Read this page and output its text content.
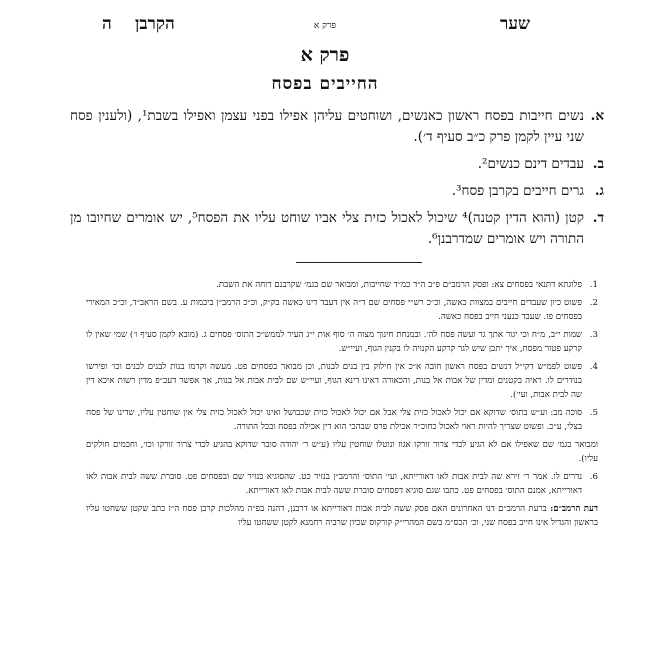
שער
פרק א
הקרבן
ה
פרק א
החייבים בפסח
א.
נשים חייבות בפסח ראשון כאנשים, ושוחטים עליהן אפילו בפני עצמן ואפילו בשבת¹, (ולענין פסח שני עיין לקמן פרק כ״ב סעיף ד׳).
ב.
עבדים דינם כנשים².
ג.
גרים חייבים בקרבן פסח³.
ד.
קטן (והוא הדין קטנה)⁴ שיכול לאכול כזית צלי אביו שוחט עליו את הפסח⁵, יש אומרים שחיובו מן התורה ויש אומרים שמדרבנן⁶.
1.
פלוגתא דתנאי בפסחים צא: ופסק הרמב״ם פ״ב ה״ד כמ״ד שחייבות, ומבואר שם בגמ׳ שקרבנם דוחה את השבת.
2.
פשוט כיון שעבדים חייבים במצוות כאשה, וכ״כ רש״י פסחים שם ד״ה אין דעבד דינו כאשה בק״ק, וכ״כ הרמב״ן ביבמות ע. בשם הראב״ד, וכ״כ המאירי בפסחים פז. שעבד כנעני חייב בפסח כאשה.
3.
שמות י״ב, מ״ח וכי יגור אתך גר ועשה פסח לה׳. ובמנחת חינוך מצוה ה׳ סוף אות י״ג העיר לממש״כ התוס׳ פסחים ג. (מובא לקמן סעיף ו׳) שמי שאין לו קרקע פטור מפסח, איך יתכן שיש לגר קרקע הקנויה לו בקנין הגוף, ועיי״ש.
4.
פשוט לפמ״ש דקי״ל דנשים בפסח ראשון חובה א״כ אין חילוק בין בנים לבנות, וכן מבואר בפסחים פט. מעשה וקדמו בנות לבנים לבנים וכו׳ ופירשו בנודרים לו. ראיה בקטנים ומדין של אבות אל בנות, והכאורה דאינו דינא הגוף, ועיי״ש שם לבית אבות אל בנות, אך אפשר דעכ״פ מדין רשות איכא דין שה לבית אבות, ועי׳).
5.
סוכה מב: וע״ש בתוס׳ שדוקא אם יכול לאכול כזית צלי אבל אם יכול לאכול כזית שכבושל ואינו יכול לאכול כזית צלי אין שוחטין עליו, שדינו של פסח בצלי, ע״כ. ופשוט שצריך להיות ראוי לאכול כחוכ״ר אכילת פרס שבהכי הוא דין אכילה בפסח ובכל התורה.
ומבואר בגמ׳ שם שאפילו אם לא הגיע לכדי צרור זורקו אגוז ונוטלו שוחטין עליו (ע״ש ר׳ יהודה סובר שדוקא בהגיע לכדי צרור זורקו וכו׳, וחכמים חולקים עליו).
6.
נדרים לו. אמר ר׳ זירא שה לבית אבות לאו דאורייתא, ועי׳ התוס׳ והרמב״ן בנזיר כט. שהסוגיא בנזיר שם ובפסחים פט. סוברת ששה לבית אבות לאו דאורייתא, אמנם התוס׳ בפסחים פט. כתבו שגם סוגיא דפסחים סוברת ששה לבית אבות לאו דאורייתא.
דעת הרמב״ם: ברעת הרמב״ם דנו האחרונים האם פסק ששה לבית אבות דאורייתא או דרבנן, דהנה בפ״ה מהלכות קרבן פסח ה״ז כתב שקטן ששחטו עליו בראשון והגדיל אינו חייב בפסח שני, וכ׳ הכס״מ בשם המהרי״ק קורקוס שכיון שרביה רחמנא לקטן ששחטו עליו
